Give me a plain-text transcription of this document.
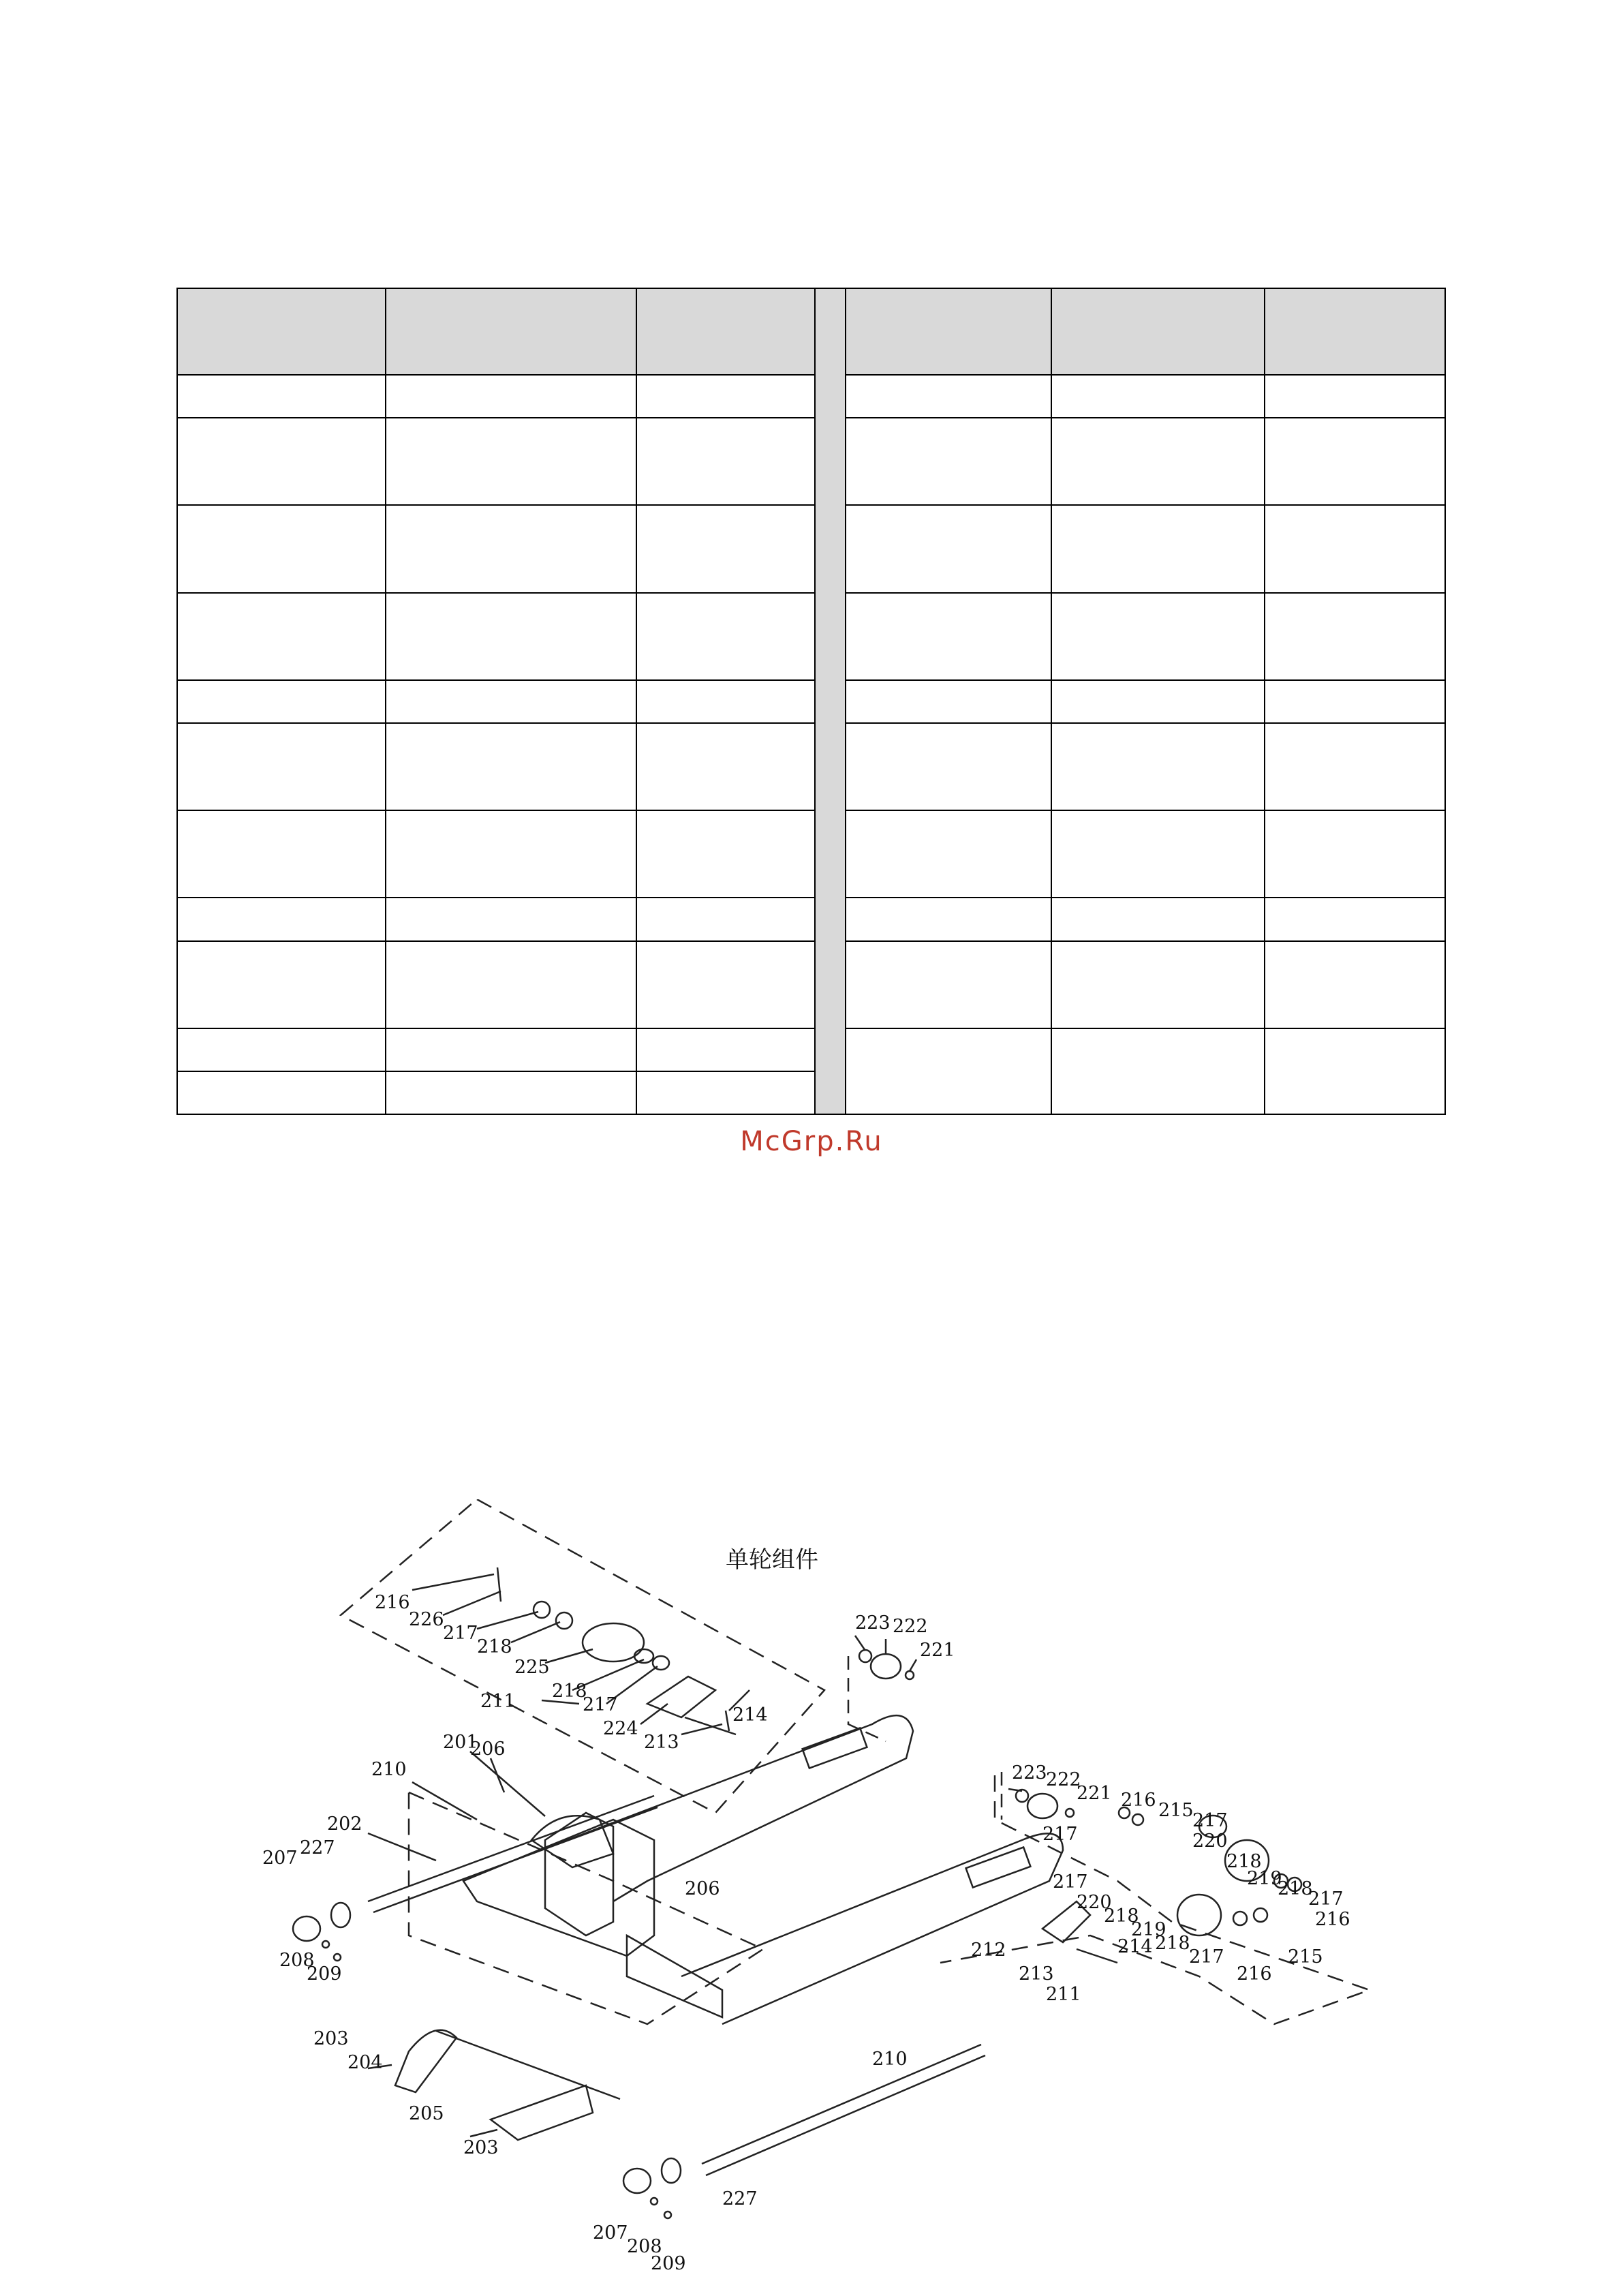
McGrp.Ru
单轮组件
216
226
217
218
225
218
217
224
213
214
211
201
210
206
202
227
207
208
209
203
204
205
203
206
210
227
207
208
209
223 222
221
223
222
221 216 215
217
217	220
218
219
218
217
216
217
220
218
219
218
217	215
216
212	214
213
211
